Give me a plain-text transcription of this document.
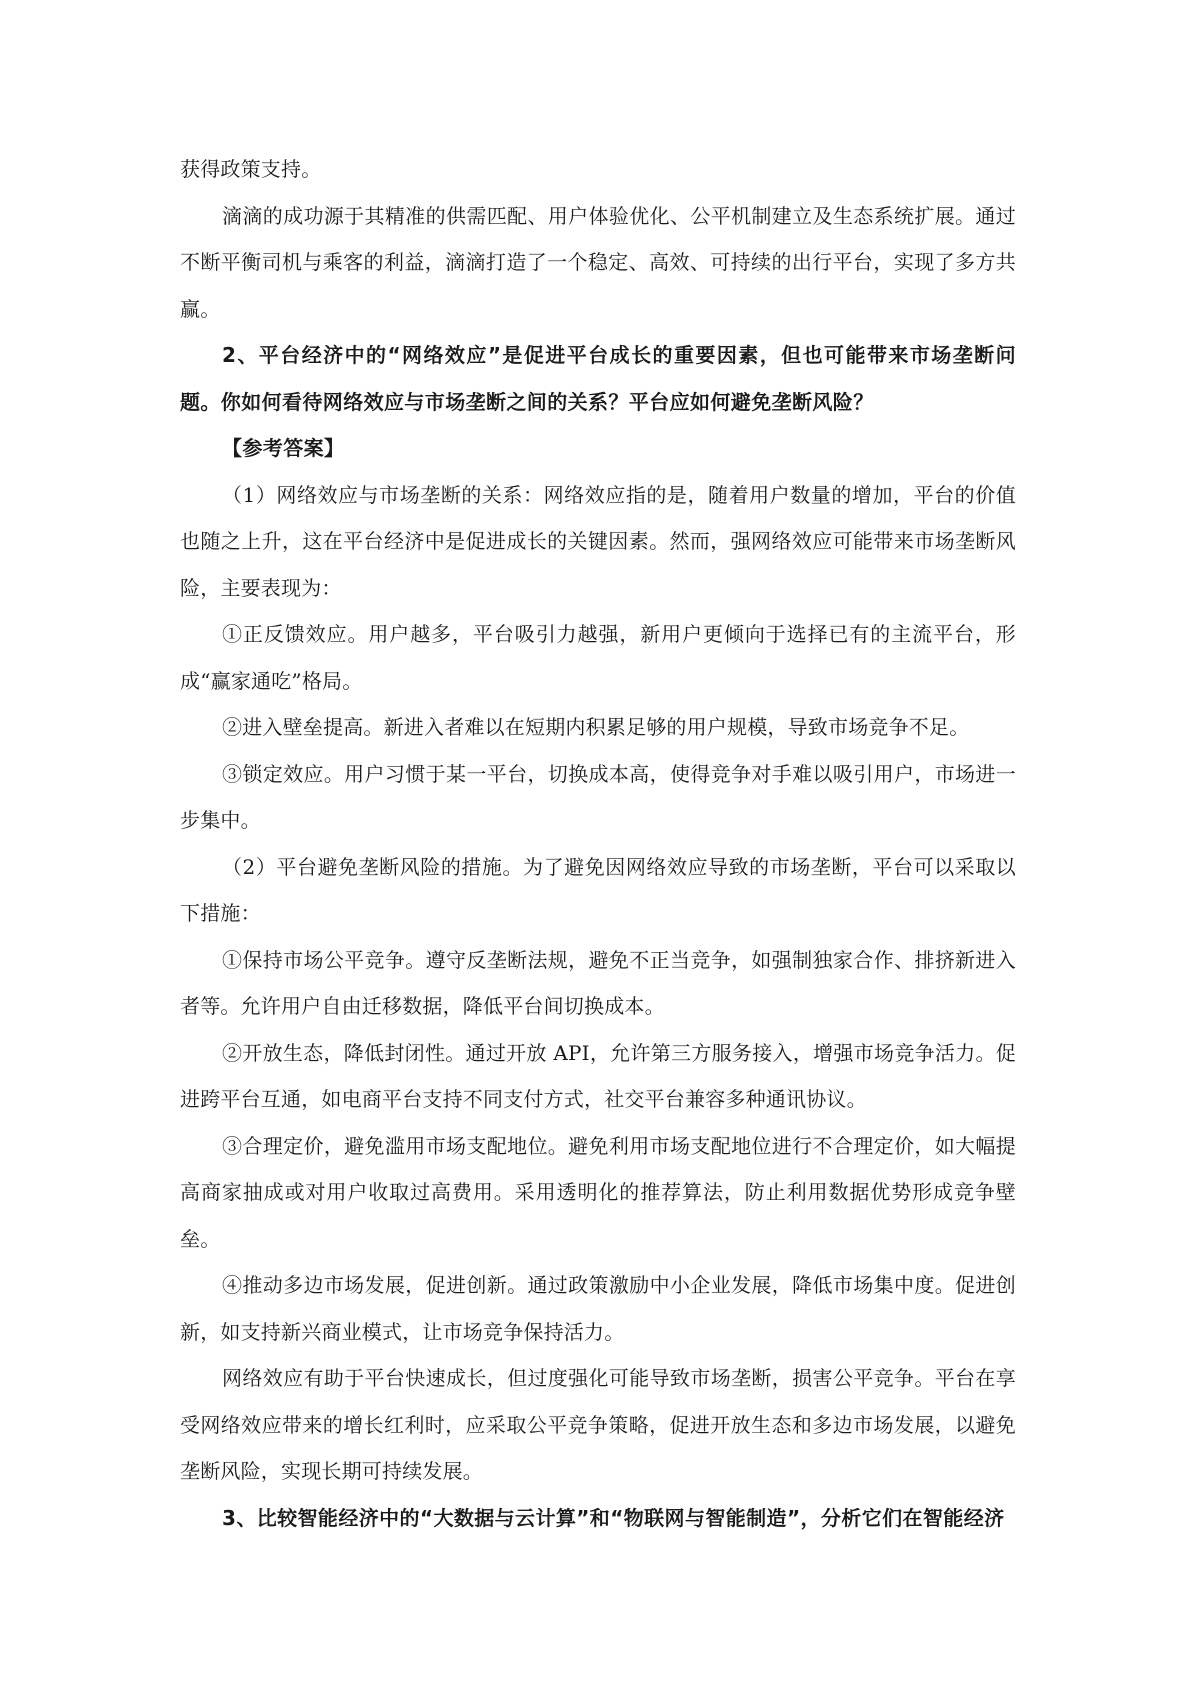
获得政策支持。

滴滴的成功源于其精准的供需匹配、用户体验优化、公平机制建立及生态系统扩展。通过不断平衡司机与乘客的利益，滴滴打造了一个稳定、高效、可持续的出行平台，实现了多方共赢。

2、平台经济中的“网络效应”是促进平台成长的重要因素，但也可能带来市场垄断问题。你如何看待网络效应与市场垄断之间的关系？平台应如何避免垄断风险？

【参考答案】

（1）网络效应与市场垄断的关系：网络效应指的是，随着用户数量的增加，平台的价值也随之上升，这在平台经济中是促进成长的关键因素。然而，强网络效应可能带来市场垄断风险，主要表现为：

①正反馈效应。用户越多，平台吸引力越强，新用户更倾向于选择已有的主流平台，形成“赢家通吃”格局。

②进入壁垒提高。新进入者难以在短期内积累足够的用户规模，导致市场竞争不足。

③锁定效应。用户习惯于某一平台，切换成本高，使得竞争对手难以吸引用户，市场进一步集中。

（2）平台避免垄断风险的措施。为了避免因网络效应导致的市场垄断，平台可以采取以下措施：

①保持市场公平竞争。遵守反垄断法规，避免不正当竞争，如强制独家合作、排挤新进入者等。允许用户自由迁移数据，降低平台间切换成本。

②开放生态，降低封闭性。通过开放 API，允许第三方服务接入，增强市场竞争活力。促进跨平台互通，如电商平台支持不同支付方式，社交平台兼容多种通讯协议。

③合理定价，避免滥用市场支配地位。避免利用市场支配地位进行不合理定价，如大幅提高商家抽成或对用户收取过高费用。采用透明化的推荐算法，防止利用数据优势形成竞争壁垒。

④推动多边市场发展，促进创新。通过政策激励中小企业发展，降低市场集中度。促进创新，如支持新兴商业模式，让市场竞争保持活力。

网络效应有助于平台快速成长，但过度强化可能导致市场垄断，损害公平竞争。平台在享受网络效应带来的增长红利时，应采取公平竞争策略，促进开放生态和多边市场发展，以避免垄断风险，实现长期可持续发展。

3、比较智能经济中的“大数据与云计算”和“物联网与智能制造”，分析它们在智能经济
